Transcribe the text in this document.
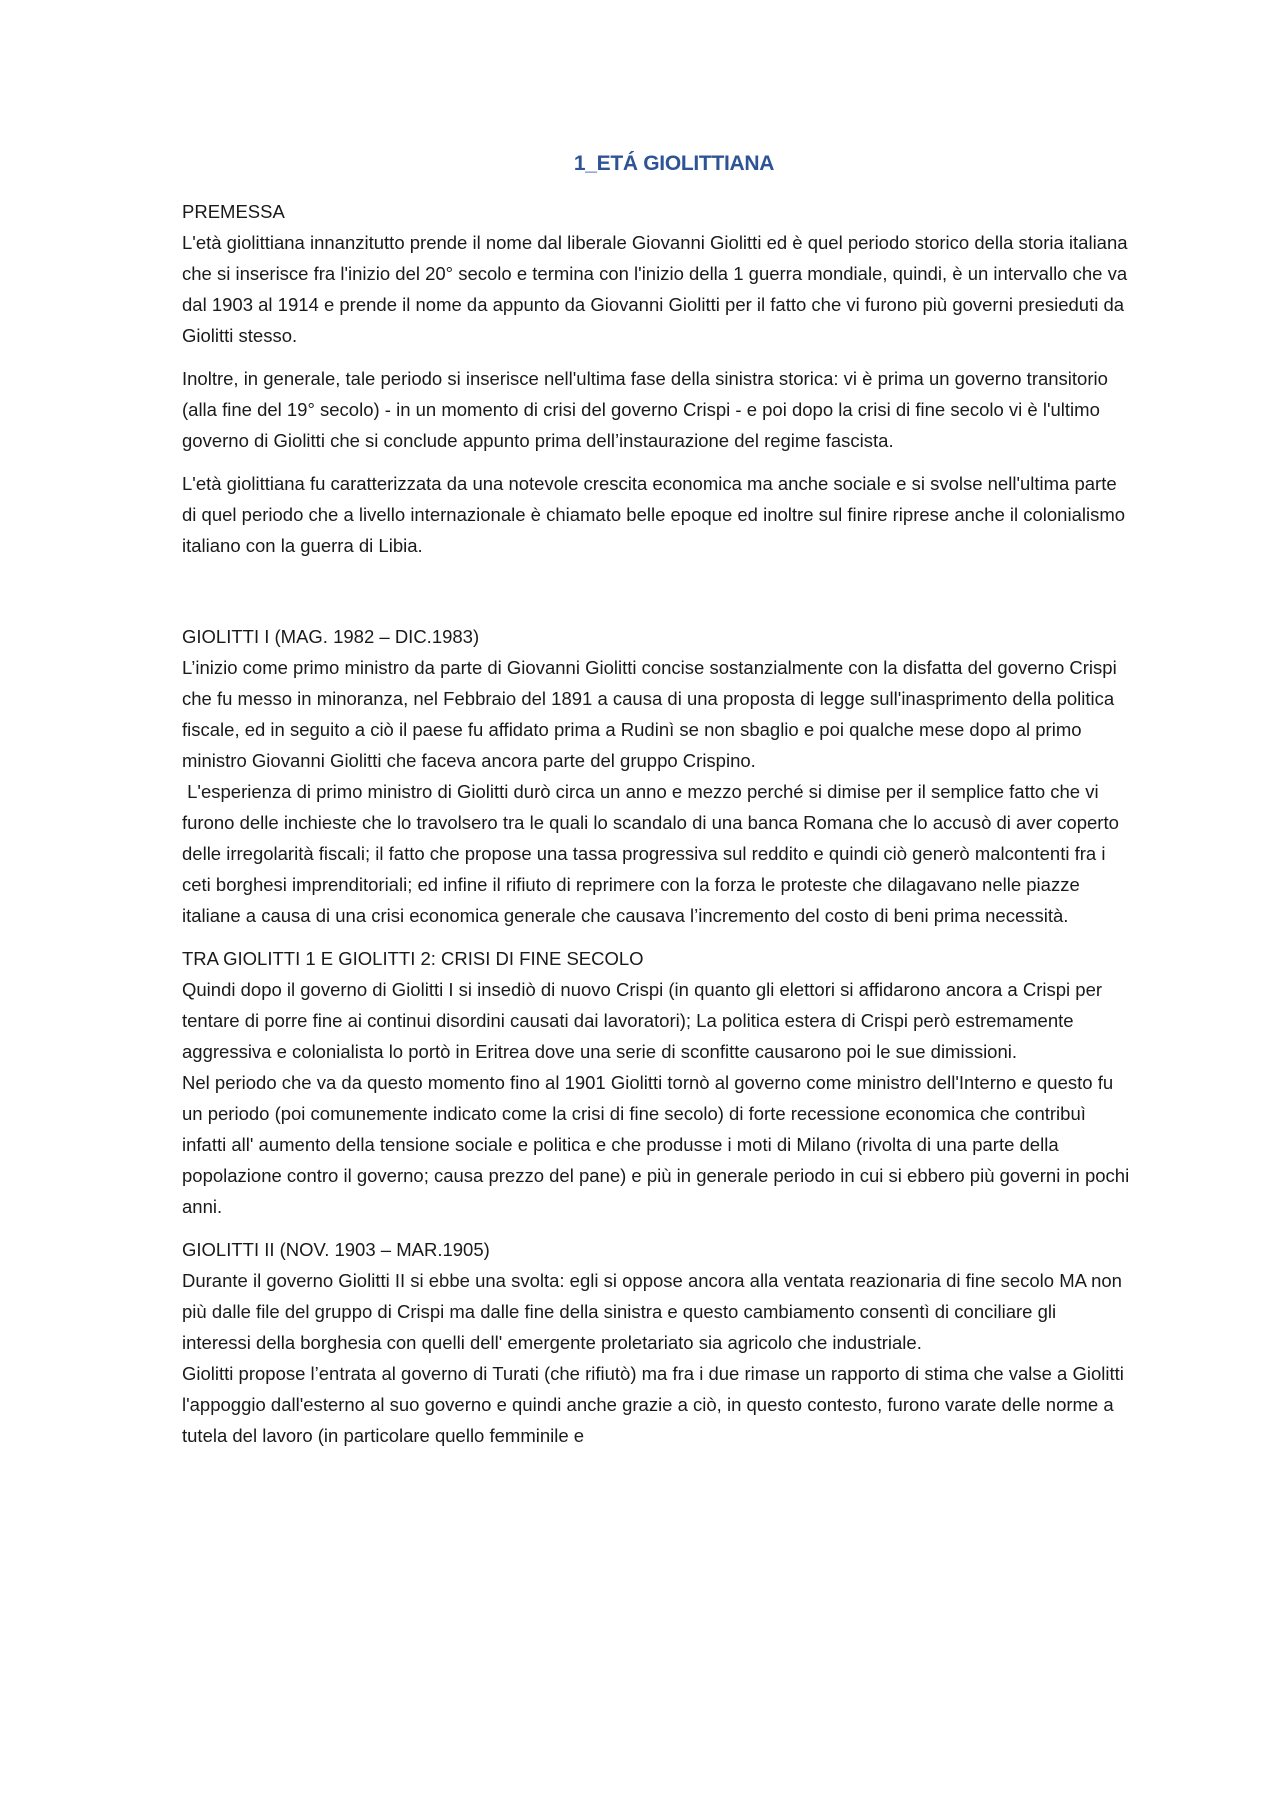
1_ETÁ GIOLITTIANA

PREMESSA

L'età giolittiana innanzitutto prende il nome dal liberale Giovanni Giolitti ed è quel periodo storico della storia italiana che si inserisce fra l'inizio del 20° secolo e termina con l'inizio della 1 guerra mondiale, quindi, è un intervallo che va dal 1903 al 1914 e prende il nome da appunto da Giovanni Giolitti per il fatto che vi furono più governi presieduti da Giolitti stesso.

Inoltre, in generale, tale periodo si inserisce nell'ultima fase della sinistra storica: vi è prima un governo transitorio (alla fine del 19° secolo) - in un momento di crisi del governo Crispi - e poi dopo la crisi di fine secolo vi è l'ultimo governo di Giolitti che si conclude appunto prima dell’instaurazione del regime fascista.

L'età giolittiana fu caratterizzata da una notevole crescita economica ma anche sociale e si svolse nell'ultima parte di quel periodo che a livello internazionale è chiamato belle epoque ed inoltre sul finire riprese anche il colonialismo italiano con la guerra di Libia.

GIOLITTI I (MAG. 1982 – DIC.1983)

L’inizio come primo ministro da parte di Giovanni Giolitti concise sostanzialmente con la disfatta del governo Crispi che fu messo in minoranza, nel Febbraio del 1891 a causa di una proposta di legge sull'inasprimento della politica fiscale, ed in seguito a ciò il paese fu affidato prima a Rudinì se non sbaglio e poi qualche mese dopo al primo ministro Giovanni Giolitti che faceva ancora parte del gruppo Crispino.

L'esperienza di primo ministro di Giolitti durò circa un anno e mezzo perché si dimise per il semplice fatto che vi furono delle inchieste che lo travolsero tra le quali lo scandalo di una banca Romana che lo accusò di aver coperto delle irregolarità fiscali; il fatto che propose una tassa progressiva sul reddito e quindi ciò generò malcontenti fra i ceti borghesi imprenditoriali; ed infine il rifiuto di reprimere con la forza le proteste che dilagavano nelle piazze italiane a causa di una crisi economica generale che causava l’incremento del costo di beni prima necessità.

TRA GIOLITTI 1 E GIOLITTI 2: CRISI DI FINE SECOLO

Quindi dopo il governo di Giolitti I si insediò di nuovo Crispi (in quanto gli elettori si affidarono ancora a Crispi per tentare di porre fine ai continui disordini causati dai lavoratori); La politica estera di Crispi però estremamente aggressiva e colonialista lo portò in Eritrea dove una serie di sconfitte causarono poi le sue dimissioni.

Nel periodo che va da questo momento fino al 1901 Giolitti tornò al governo come ministro dell'Interno e questo fu un periodo (poi comunemente indicato come la crisi di fine secolo) di forte recessione economica che contribuì infatti all' aumento della tensione sociale e politica e che produsse i moti di Milano (rivolta di una parte della popolazione contro il governo; causa prezzo del pane) e più in generale periodo in cui si ebbero più governi in pochi anni.

GIOLITTI II (NOV. 1903 – MAR.1905)

Durante il governo Giolitti II si ebbe una svolta: egli si oppose ancora alla ventata reazionaria di fine secolo MA non più dalle file del gruppo di Crispi ma dalle fine della sinistra e questo cambiamento consentì di conciliare gli interessi della borghesia con quelli dell' emergente proletariato sia agricolo che industriale.

Giolitti propose l’entrata al governo di Turati (che rifiutò) ma fra i due rimase un rapporto di stima che valse a Giolitti l'appoggio dall'esterno al suo governo e quindi anche grazie a ciò, in questo contesto, furono varate delle norme a tutela del lavoro (in particolare quello femminile e
